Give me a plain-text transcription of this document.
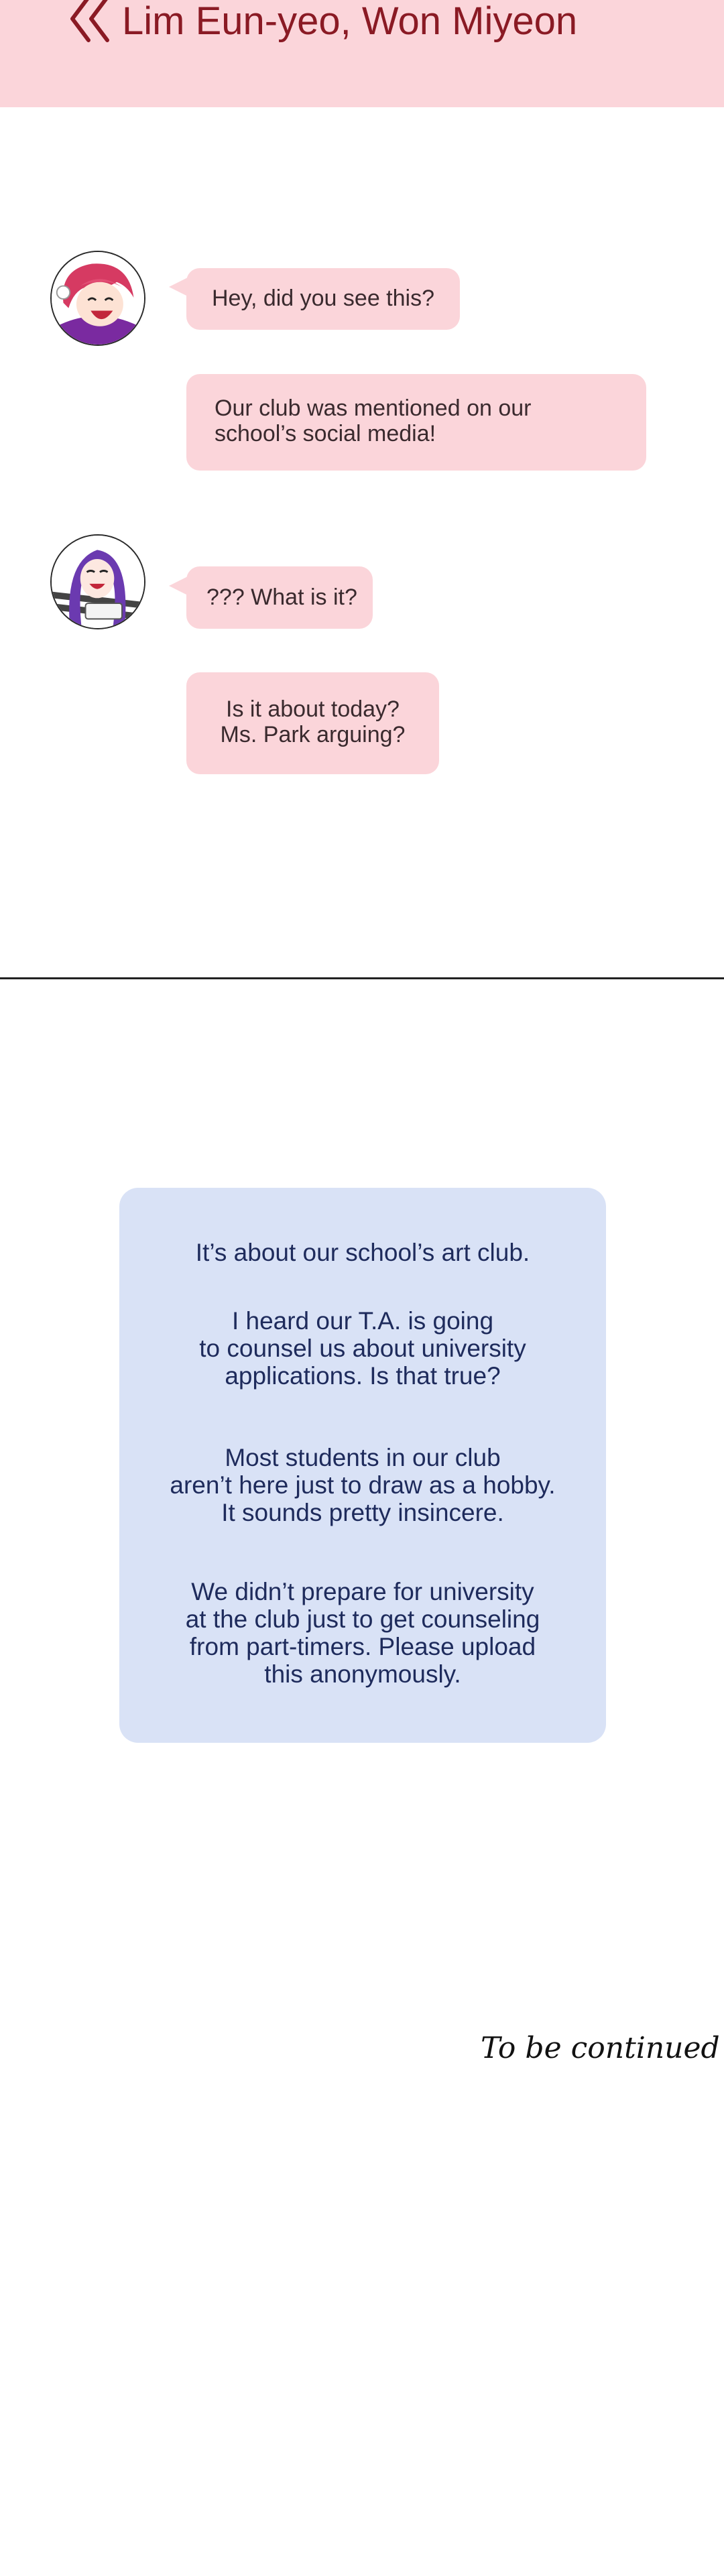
Lim Eun-yeo, Won Miyeon
Hey, did you see this?
Our club was mentioned on our school’s social media!
??? What is it?
Is it about today?
Ms. Park arguing?
It’s about our school’s art club.
I heard our T.A. is going
to counsel us about university
applications. Is that true?
Most students in our club
aren’t here just to draw as a hobby.
It sounds pretty insincere.
We didn’t prepare for university
at the club just to get counseling
from part-timers. Please upload
this anonymously.
To be continued
